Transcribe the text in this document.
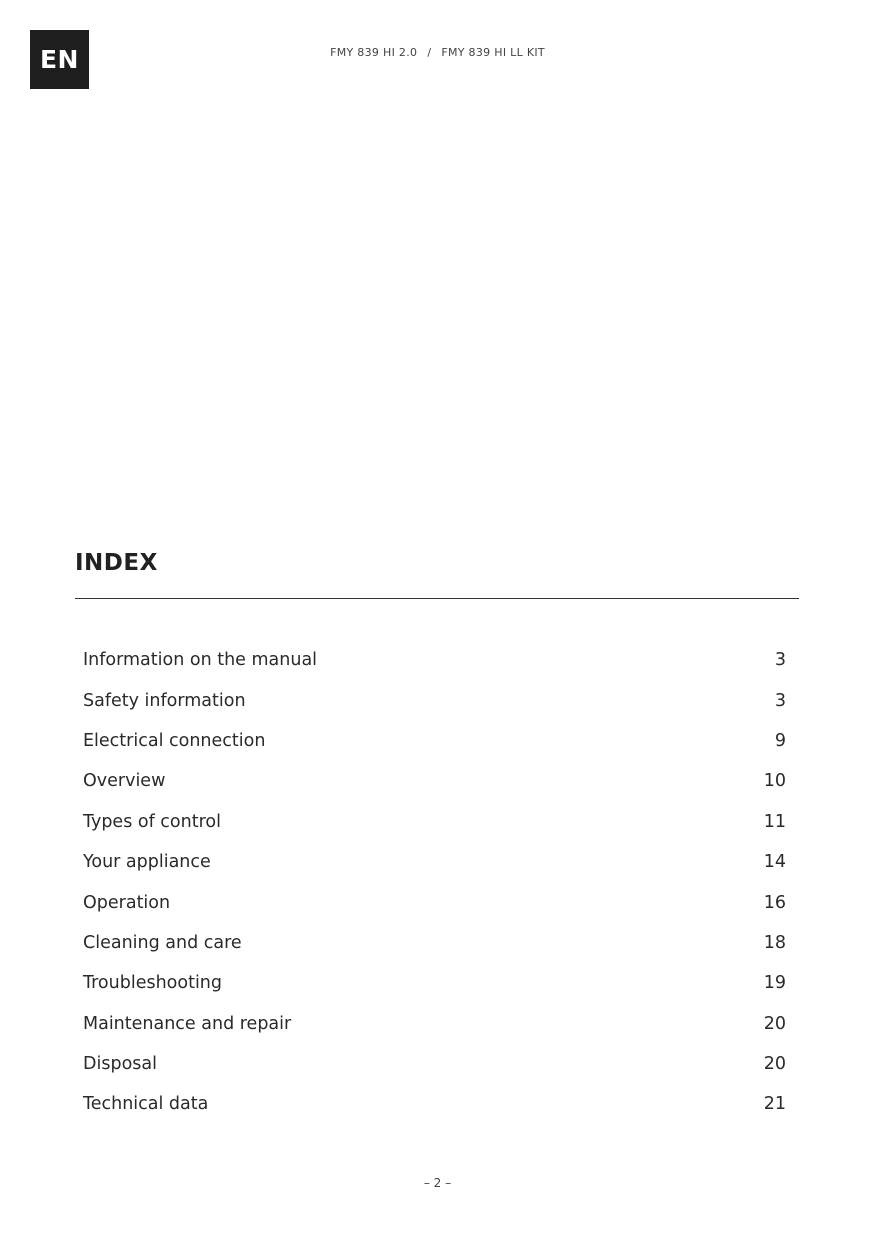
EN	FMY 839 HI 2.0 / FMY 839 HI LL KIT
INDEX
Information on the manual	3
Safety information	3
Electrical connection	9
Overview	10
Types of control	11
Your appliance	14
Operation	16
Cleaning and care	18
Troubleshooting	19
Maintenance and repair	20
Disposal	20
Technical data	21
– 2 –
